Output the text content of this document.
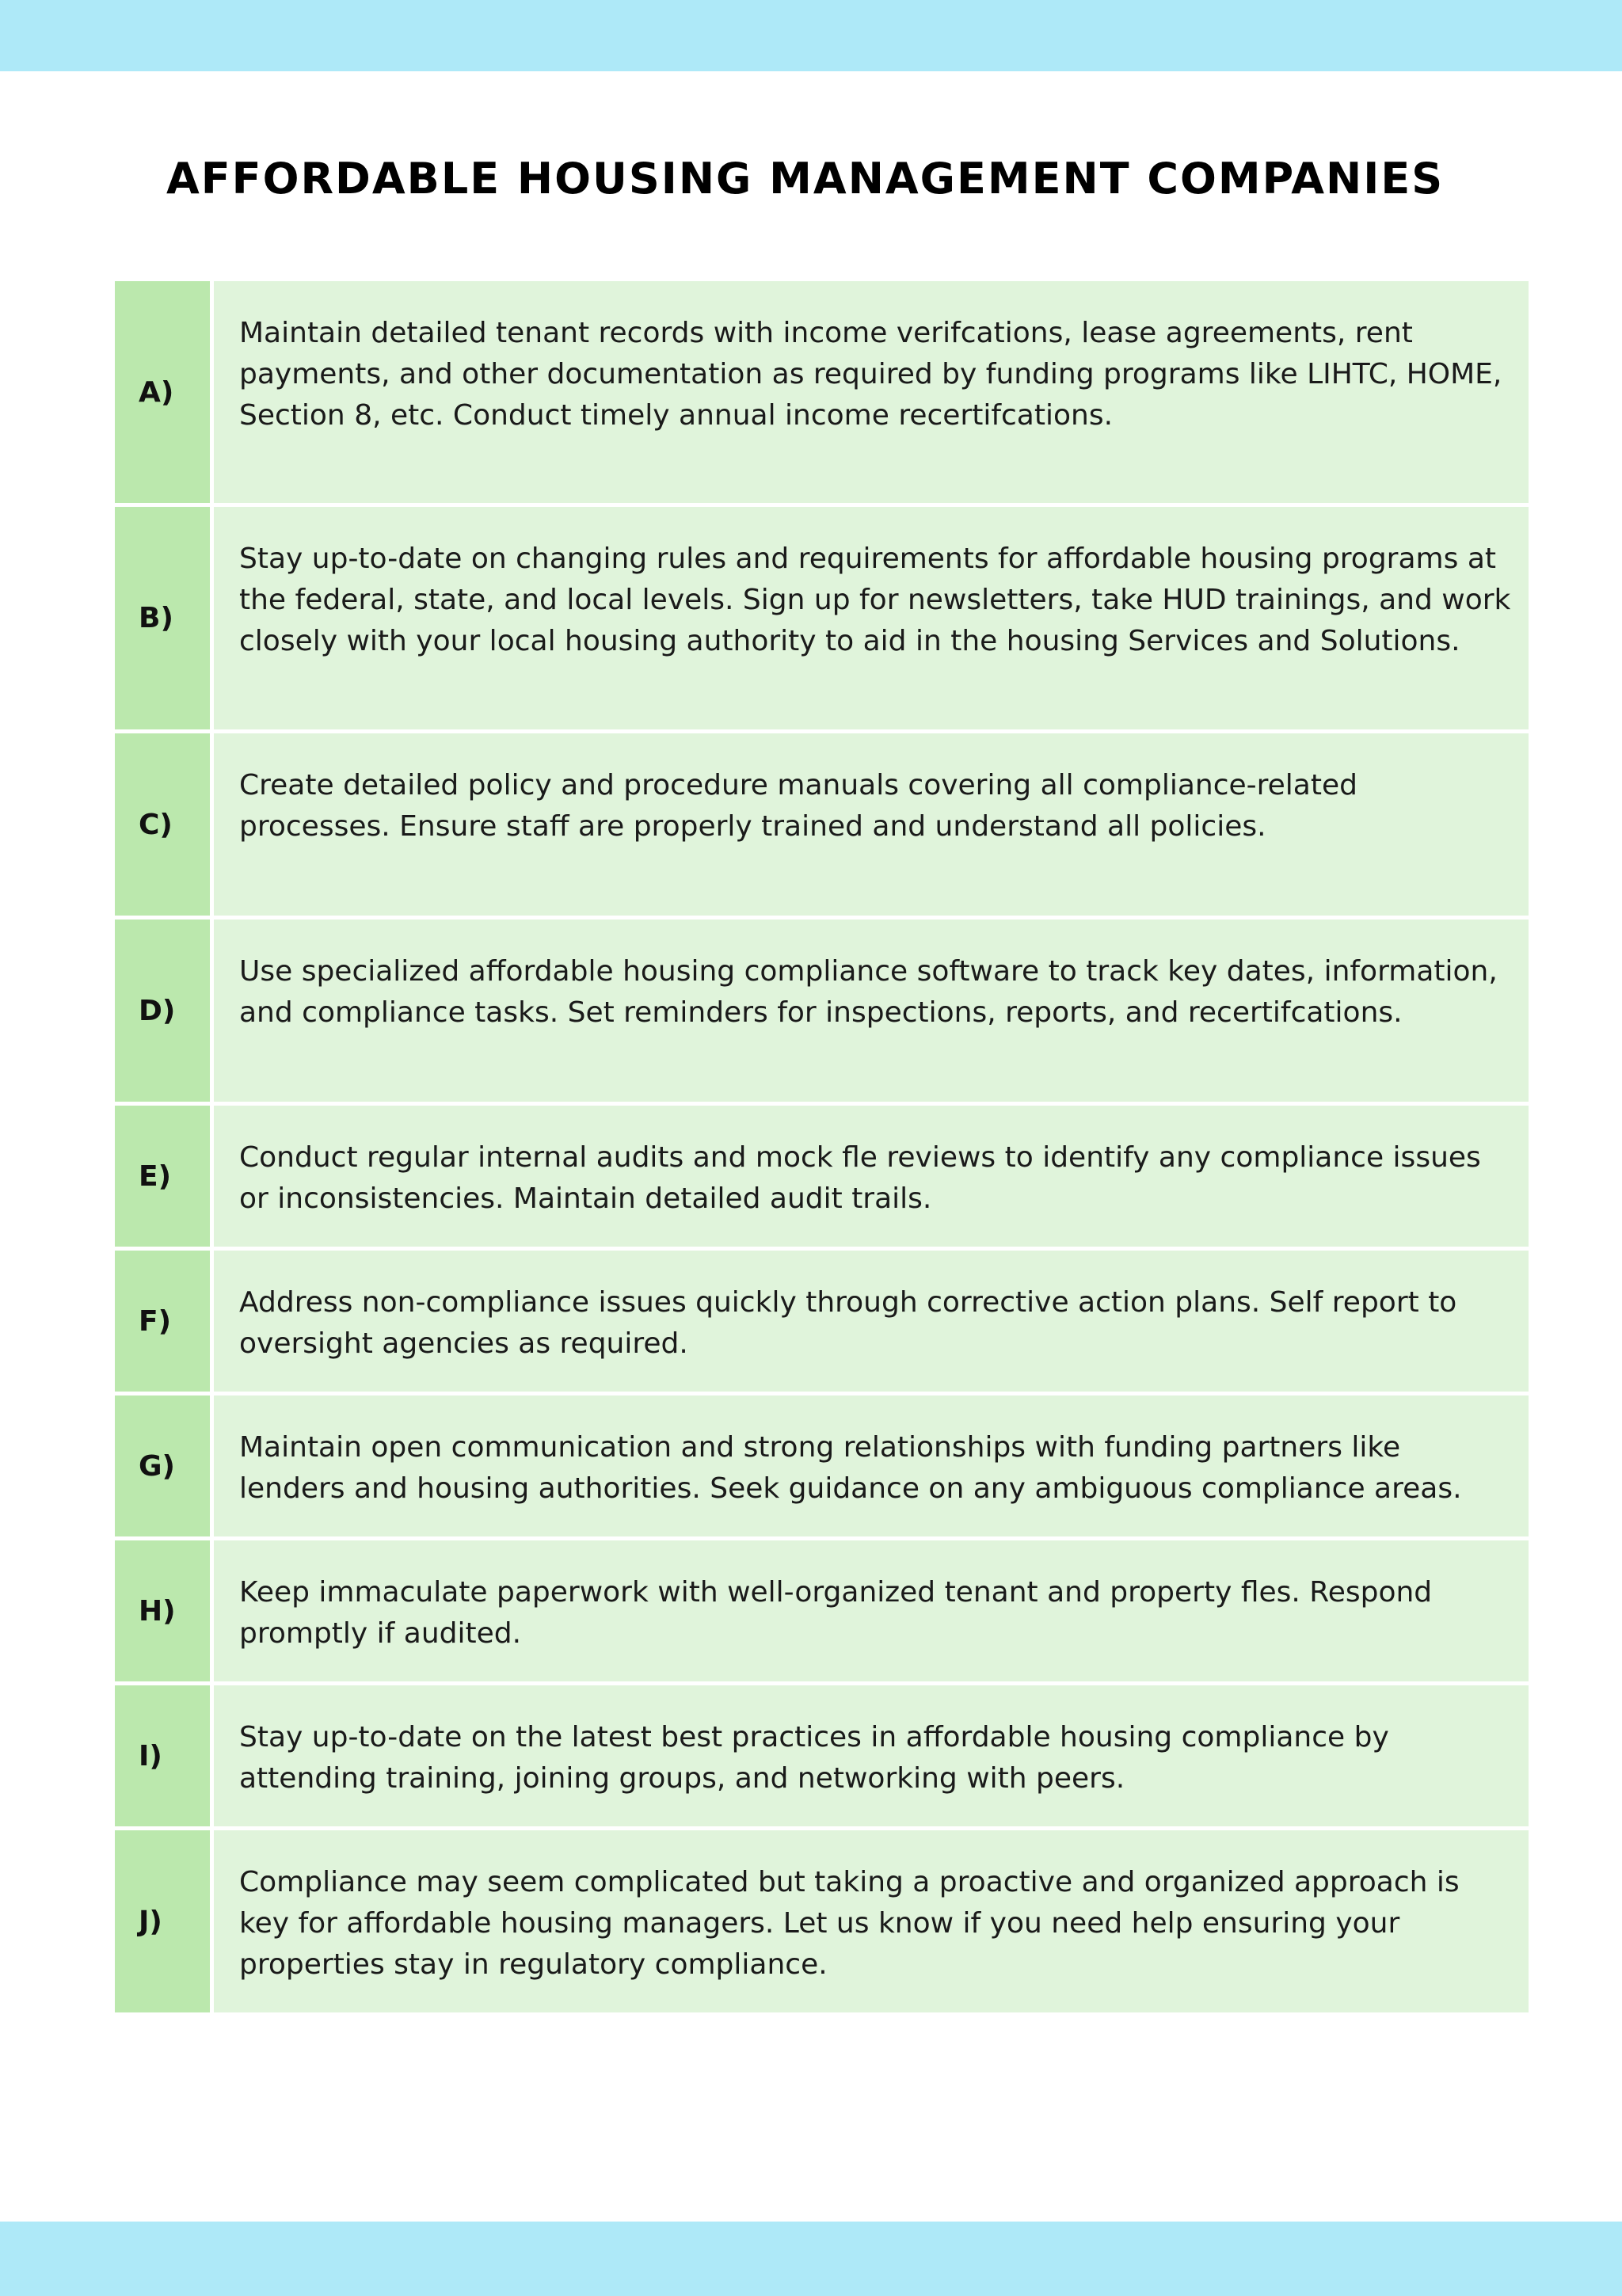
AFFORDABLE HOUSING MANAGEMENT COMPANIES
A)
Maintain detailed tenant records with income verifcations, lease agreements, rent payments, and other documentation as required by funding programs like LIHTC, HOME, Section 8, etc. Conduct timely annual income recertifcations.
B)
Stay up-to-date on changing rules and requirements for affordable housing programs at the federal, state, and local levels. Sign up for newsletters, take HUD trainings, and work closely with your local housing authority to aid in the housing Services and Solutions.
C)
Create detailed policy and procedure manuals covering all compliance-related processes. Ensure staff are properly trained and understand all policies.
D)
Use specialized affordable housing compliance software to track key dates, information, and compliance tasks. Set reminders for inspections, reports, and recertifcations.
E)
Conduct regular internal audits and mock fle reviews to identify any compliance issues or inconsistencies. Maintain detailed audit trails.
F)
Address non-compliance issues quickly through corrective action plans. Self report to oversight agencies as required.
G)
Maintain open communication and strong relationships with funding partners like lenders and housing authorities. Seek guidance on any ambiguous compliance areas.
H)
Keep immaculate paperwork with well-organized tenant and property fles. Respond promptly if audited.
I)
Stay up-to-date on the latest best practices in affordable housing compliance by attending training, joining groups, and networking with peers.
J)
Compliance may seem complicated but taking a proactive and organized approach is key for affordable housing managers. Let us know if you need help ensuring your properties stay in regulatory compliance.
